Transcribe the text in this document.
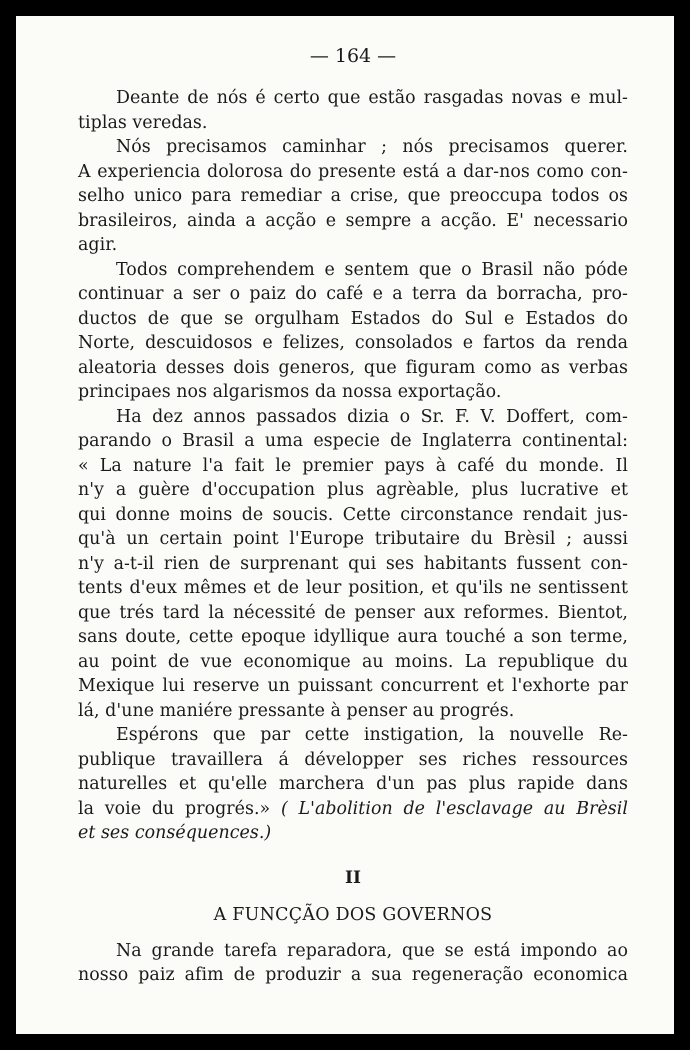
— 164 —
Deante de nós é certo que estão rasgadas novas e mul-
tiplas veredas.
Nós precisamos caminhar ; nós precisamos querer.
A experiencia dolorosa do presente está a dar-nos como con-
selho unico para remediar a crise, que preoccupa todos os
brasileiros, ainda a acção e sempre a acção. E' necessario
agir.
Todos comprehendem e sentem que o Brasil não póde
continuar a ser o paiz do café e a terra da borracha, pro-
ductos de que se orgulham Estados do Sul e Estados do
Norte, descuidosos e felizes, consolados e fartos da renda
aleatoria desses dois generos, que figuram como as verbas
principaes nos algarismos da nossa exportação.
Ha dez annos passados dizia o Sr. F. V. Doffert, com-
parando o Brasil a uma especie de Inglaterra continental:
« La nature l'a fait le premier pays à café du monde. Il
n'y a guère d'occupation plus agrèable, plus lucrative et
qui donne moins de soucis. Cette circonstance rendait jus-
qu'à un certain point l'Europe tributaire du Brèsil ; aussi
n'y a-t-il rien de surprenant qui ses habitants fussent con-
tents d'eux mêmes et de leur position, et qu'ils ne sentissent
que trés tard la nécessité de penser aux reformes. Bientot,
sans doute, cette epoque idyllique aura touché a son terme,
au point de vue economique au moins. La republique du
Mexique lui reserve un puissant concurrent et l'exhorte par
lá, d'une maniére pressante à penser au progrés.
Espérons que par cette instigation, la nouvelle Re-
publique travaillera á développer ses riches ressources
naturelles et qu'elle marchera d'un pas plus rapide dans
la voie du progrés.» ( L'abolition de l'esclavage au Brèsil
et ses conséquences.)
II
A FUNCÇÃO DOS GOVERNOS
Na grande tarefa reparadora, que se está impondo ao
nosso paiz afim de produzir a sua regeneração economica
